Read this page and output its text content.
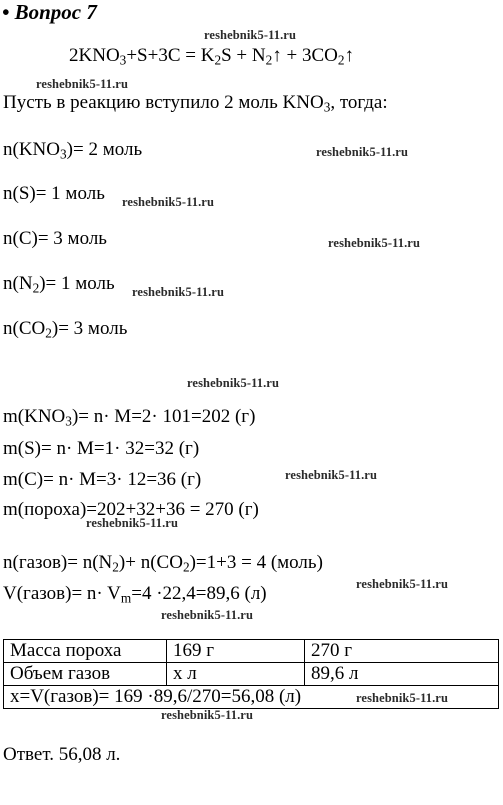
• Вопрос 7
$2KNO_3+S+3C = K_2S$ + $N_2↑$ + $3CO_2↑$
Пусть в реакцию вступило 2 моль $KNO_3$, тогда:
$n(KNO_3)= 2$ моль
n(S)= 1 моль
n(C)= 3 моль
$n(N_2)= 1$ моль
$n(CO_2)= 3$ моль
$m(KNO_3)= n\cdot M=2\cdot 101=202$ (г)
m(S)= n· M=1· 32=32 (г)
m(C)= n· M=3· 12=36 (г)
m(пороха)=202+32+36 = 270 (г)
n(газов)= $n(N_2)+ n(CO_2)=1+3 = 4$ (моль)
V(газов)= $n\cdot V_m=4 \cdot 22,4=89,6$ (л)
Масса пороха	169 г	270 г
Объем газов	x л	89,6 л
x=V(газов)= 169 ·89,6/270=56,08 (л)		
Ответ. 56,08 л.
reshebnik5-11.ru
reshebnik5-11.ru
reshebnik5-11.ru
reshebnik5-11.ru
reshebnik5-11.ru
reshebnik5-11.ru
reshebnik5-11.ru
reshebnik5-11.ru
reshebnik5-11.ru
reshebnik5-11.ru
reshebnik5-11.ru
reshebnik5-11.ru
reshebnik5-11.ru
